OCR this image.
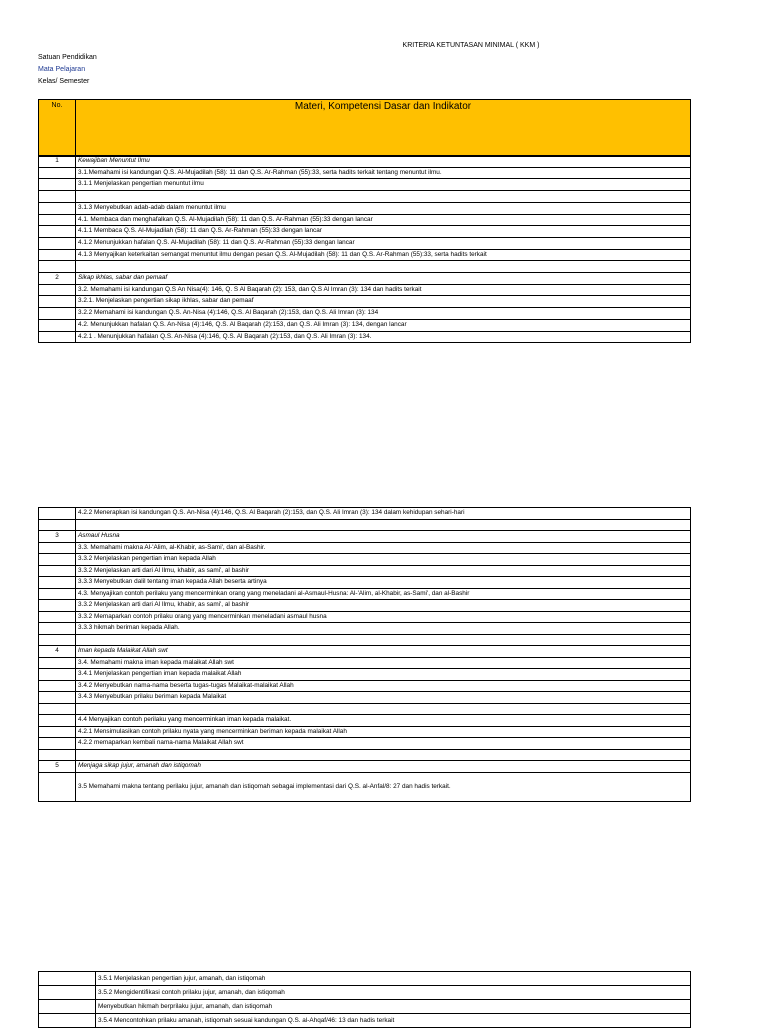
KRITERIA KETUNTASAN MINIMAL ( KKM )
Satuan Pendidikan
Mata Pelajaran
Kelas/ Semester
No.	Materi, Kompetensi Dasar dan Indikator
1	Kewajiban Menuntut Ilmu
	3.1.Memahami isi kandungan Q.S. Al-Mujadilah (58): 11 dan Q.S. Ar-Rahman (55):33, serta hadits terkait tentang menuntut ilmu.
	3.1.1 Menjelaskan pengertian menuntut ilmu

	3.1.3 Menyebutkan adab-adab dalam menuntut ilmu
	4.1. Membaca dan menghafalkan Q.S. Al-Mujadilah (58): 11 dan Q.S. Ar-Rahman (55):33 dengan lancar
	4.1.1 Membaca Q.S. Al-Mujadilah (58): 11 dan Q.S. Ar-Rahman (55):33 dengan lancar
	4.1.2 Menunjukkan hafalan Q.S. Al-Mujadilah (58): 11 dan Q.S. Ar-Rahman (55):33 dengan lancar
	4.1.3 Menyajikan keterkaitan semangat menuntut ilmu dengan pesan Q.S. Al-Mujadilah (58): 11 dan Q.S. Ar-Rahman (55):33, serta hadits terkait

2	Sikap ikhlas, sabar dan pemaaf
	3.2. Memahami isi kandungan Q.S An Nisa(4): 146, Q. S Al Baqarah (2): 153, dan Q.S Al Imran (3): 134 dan hadits terkait
	3.2.1. Menjelaskan pengertian sikap ikhlas, sabar dan pemaaf
	3.2.2 Memahami isi kandungan Q.S. An-Nisa (4):146, Q.S. Al Baqarah (2):153, dan Q.S. Ali Imran (3): 134
	4.2. Menunjukkan hafalan Q.S. An-Nisa (4):146, Q.S. Al Baqarah (2):153, dan Q.S. Ali Imran (3): 134, dengan lancar
	4.2.1 . Menunjukkan hafalan Q.S. An-Nisa (4):146, Q.S. Al Baqarah (2):153, dan Q.S. Ali Imran (3): 134.
	4.2.2 Menerapkan isi kandungan Q.S. An-Nisa (4):146, Q.S. Al Baqarah (2):153, dan Q.S. Ali Imran (3): 134 dalam kehidupan sehari-hari

3	Asmaul Husna
	3.3. Memahami makna Al-'Alim, al-Khabir, as-Sami', dan al-Bashir.
	3.3.2 Menjelaskan pengertian iman kepada Allah
	3.3.2 Menjelaskan arti dari Al Ilmu, khabir, as sami', al bashir
	3.3.3 Menyebutkan dalil tentang iman kepada Allah beserta artinya
	4.3. Menyajikan contoh perilaku yang mencerminkan orang yang meneladani al-Asmaul-Husna: Al-'Alim, al-Khabir, as-Sami', dan al-Bashir
	3.3.2 Menjelaskan arti dari Al Ilmu, khabir, as sami', al bashir
	3.3.2 Memaparkan contoh prilaku orang yang mencerminkan meneladani asmaul husna
	3.3.3 hikmah beriman kepada Allah.

4	Iman kepada Malaikat Allah swt
	3.4. Memahami makna iman kepada malaikat Allah swt
	3.4.1 Menjelaskan pengertian iman kepada malaikat Allah
	3.4.2 Menyebutkan nama-nama beserta tugas-tugas Malaikat-malaikat Allah
	3.4.3 Menyebutkan prilaku beriman kepada Malaikat

	4.4 Menyajikan contoh perilaku yang mencerminkan iman kepada malaikat.
	4.2.1 Mensimulasikan contoh prilaku nyata yang mencerminkan beriman kepada malaikat Allah
	4.2.2 memaparkan kembali nama-nama Malaikat Allah swt

5	Menjaga sikap jujur, amanah dan istiqomah
	3.5 Memahami makna tentang perilaku jujur, amanah dan istiqomah sebagai implementasi dari Q.S. al-Anfal/8: 27 dan hadis terkait.
	3.5.1 Menjelaskan pengertian jujur, amanah, dan istiqomah
	3.5.2 Mengidentifikasi contoh prilaku jujur, amanah, dan istiqomah
	Menyebutkan hikmah berprilaku jujur, amanah, dan istiqomah
	3.5.4 Mencontohkan prilaku amanah, istiqomah sesuai kandungan Q.S. al-Ahqaf/46: 13 dan hadis terkait
